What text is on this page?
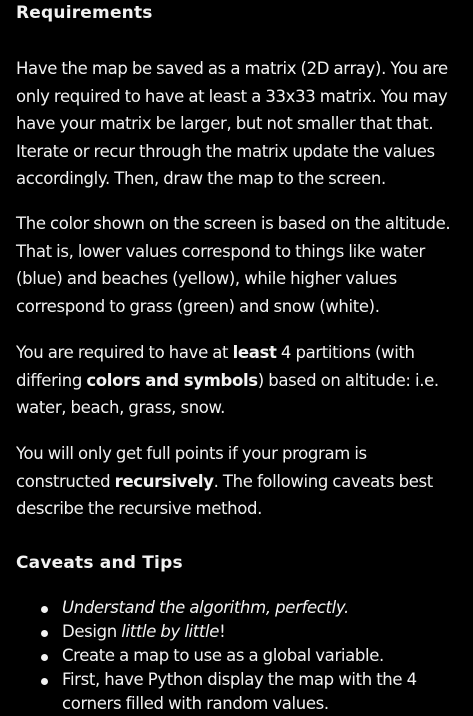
Requirements

Have the map be saved as a matrix (2D array). You are only required to have at least a 33x33 matrix. You may have your matrix be larger, but not smaller that that. Iterate or recur through the matrix update the values accordingly. Then, draw the map to the screen.

The color shown on the screen is based on the altitude. That is, lower values correspond to things like water (blue) and beaches (yellow), while higher values correspond to grass (green) and snow (white).

You are required to have at least 4 partitions (with differing colors and symbols) based on altitude: i.e. water, beach, grass, snow.

You will only get full points if your program is constructed recursively. The following caveats best describe the recursive method.

Caveats and Tips
Understand the algorithm, perfectly.
Design little by little!
Create a map to use as a global variable.
First, have Python display the map with the 4 corners filled with random values.
